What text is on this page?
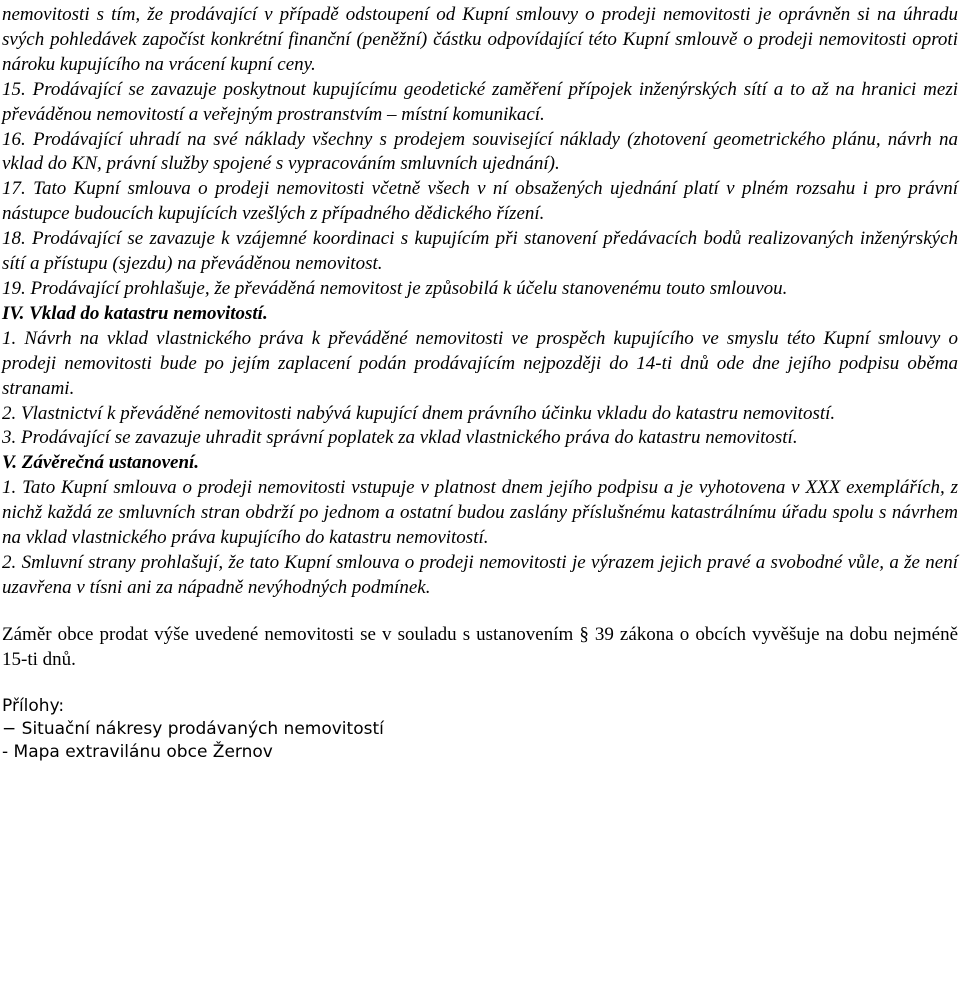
nemovitosti s tím, že prodávající v případě odstoupení od Kupní smlouvy o prodeji nemovitosti je oprávněn si na úhradu svých pohledávek započíst konkrétní finanční (peněžní) částku odpovídající této Kupní smlouvě o prodeji nemovitosti oproti nároku kupujícího na vrácení kupní ceny.

15. Prodávající se zavazuje poskytnout kupujícímu geodetické zaměření přípojek inženýrských sítí a to až na hranici mezi převáděnou nemovitostí a veřejným prostranstvím – místní komunikací.

16. Prodávající uhradí na své náklady všechny s prodejem související náklady (zhotovení geometrického plánu, návrh na vklad do KN, právní služby spojené s vypracováním smluvních ujednání).

17. Tato Kupní smlouva o prodeji nemovitosti včetně všech v ní obsažených ujednání platí v plném rozsahu i pro právní nástupce budoucích kupujících vzešlých z případného dědického řízení.

18. Prodávající se zavazuje k vzájemné koordinaci s kupujícím při stanovení předávacích bodů realizovaných inženýrských sítí a přístupu (sjezdu) na převáděnou nemovitost.

19. Prodávající prohlašuje, že převáděná nemovitost je způsobilá k účelu stanovenému touto smlouvou.

IV. Vklad do katastru nemovitostí.

1. Návrh na vklad vlastnického práva k převáděné nemovitosti ve prospěch kupujícího ve smyslu této Kupní smlouvy o prodeji nemovitosti bude po jejím zaplacení podán prodávajícím nejpozději do 14-ti dnů ode dne jejího podpisu oběma stranami.

2. Vlastnictví k převáděné nemovitosti nabývá kupující dnem právního účinku vkladu do katastru nemovitostí.

3. Prodávající se zavazuje uhradit správní poplatek za vklad vlastnického práva do katastru nemovitostí.

V. Závěrečná ustanovení.

1. Tato Kupní smlouva o prodeji nemovitosti vstupuje v platnost dnem jejího podpisu a je vyhotovena v XXX exemplářích, z nichž každá ze smluvních stran obdrží po jednom a ostatní budou zaslány příslušnému katastrálnímu úřadu spolu s návrhem na vklad vlastnického práva kupujícího do katastru nemovitostí.

2. Smluvní strany prohlašují, že tato Kupní smlouva o prodeji nemovitosti je výrazem jejich pravé a svobodné vůle, a že není uzavřena v tísni ani za nápadně nevýhodných podmínek.

Záměr obce prodat výše uvedené nemovitosti se v souladu s ustanovením § 39 zákona o obcích vyvěšuje na dobu nejméně 15-ti dnů.

Přílohy:

− Situační nákresy prodávaných nemovitostí

- Mapa extravilánu obce Žernov
